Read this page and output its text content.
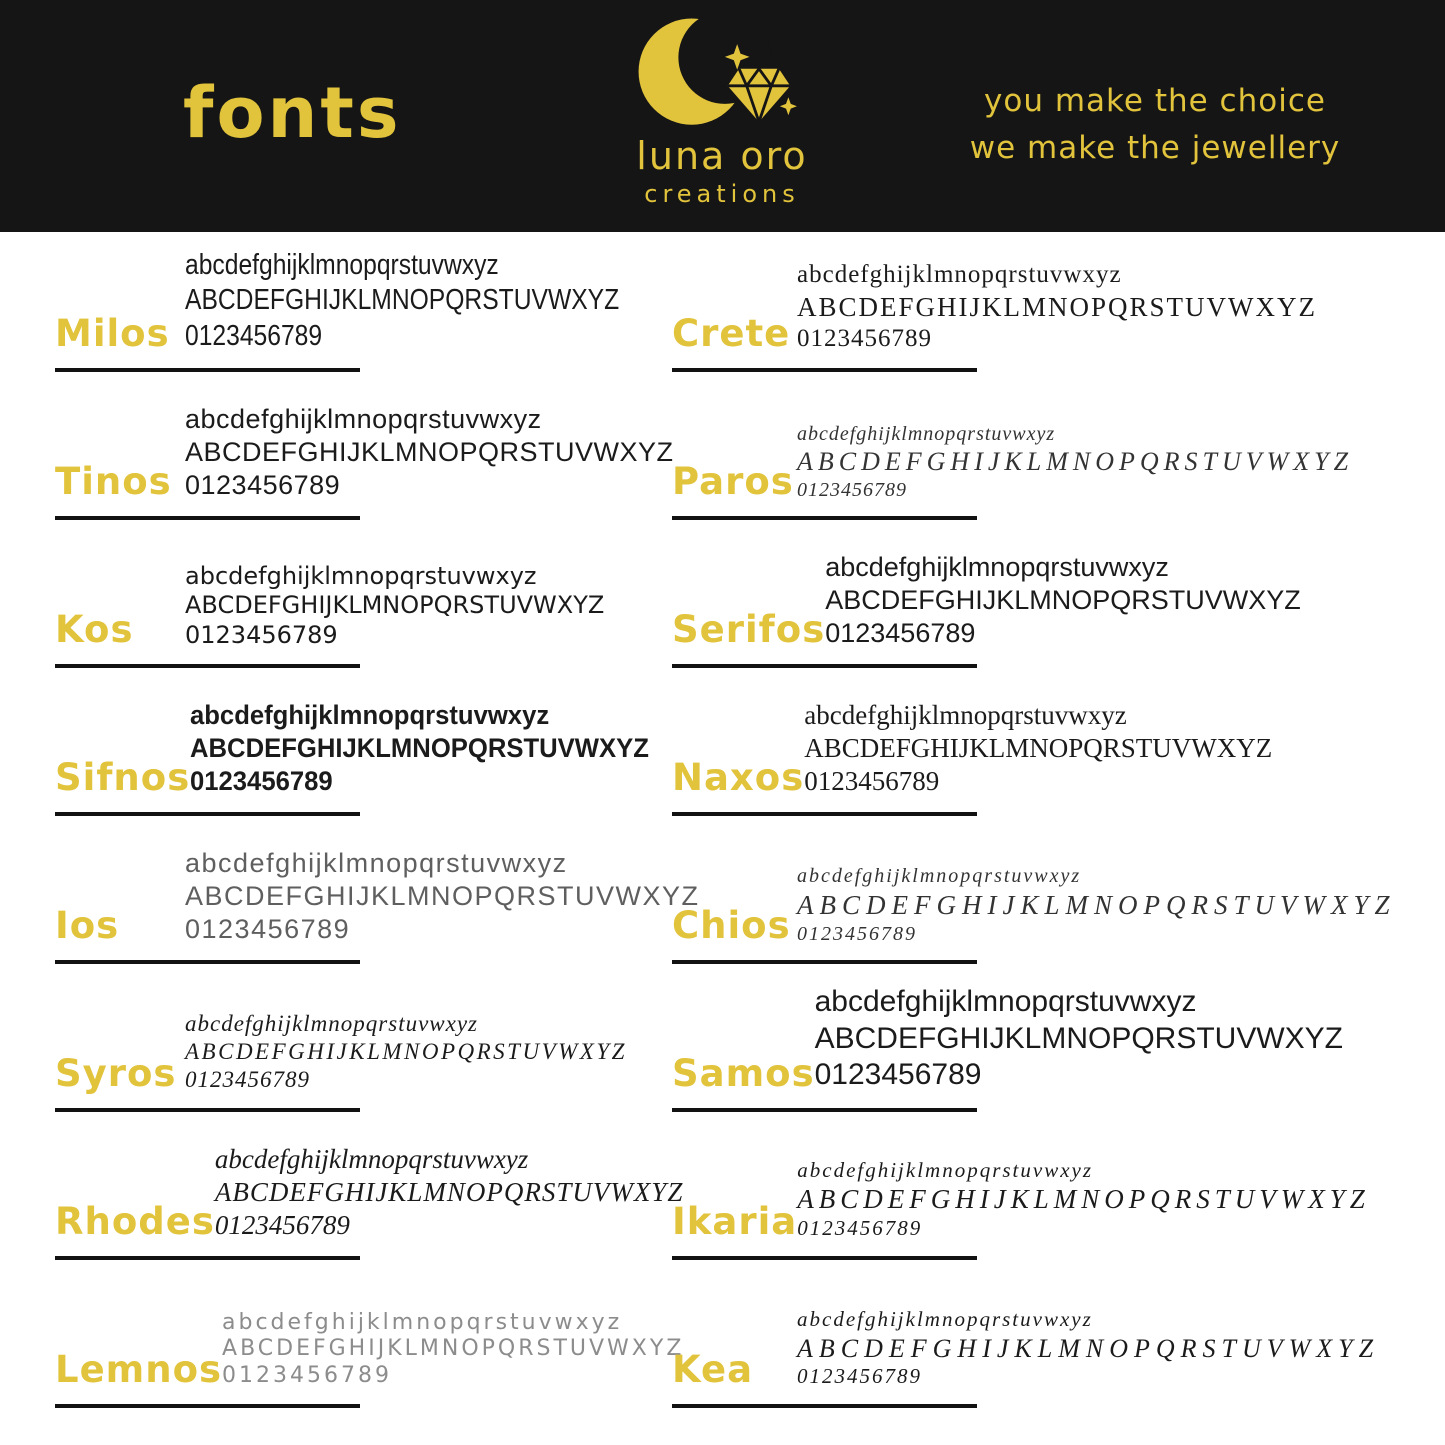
fonts
luna oro
creations
you make the choice
we make the jewellery
Milos
abcdefghijklmnopqrstuvwxyz
ABCDEFGHIJKLMNOPQRSTUVWXYZ
0123456789
Tinos
abcdefghijklmnopqrstuvwxyz
ABCDEFGHIJKLMNOPQRSTUVWXYZ
0123456789
Kos
abcdefghijklmnopqrstuvwxyz
ABCDEFGHIJKLMNOPQRSTUVWXYZ
0123456789
Sifnos
abcdefghijklmnopqrstuvwxyz
ABCDEFGHIJKLMNOPQRSTUVWXYZ
0123456789
Ios
abcdefghijklmnopqrstuvwxyz
ABCDEFGHIJKLMNOPQRSTUVWXYZ
0123456789
Syros
abcdefghijklmnopqrstuvwxyz
ABCDEFGHIJKLMNOPQRSTUVWXYZ
0123456789
Rhodes
abcdefghijklmnopqrstuvwxyz
ABCDEFGHIJKLMNOPQRSTUVWXYZ
0123456789
Lemnos
abcdefghijklmnopqrstuvwxyz
ABCDEFGHIJKLMNOPQRSTUVWXYZ
0123456789
Crete
abcdefghijklmnopqrstuvwxyz
ABCDEFGHIJKLMNOPQRSTUVWXYZ
0123456789
Paros
abcdefghijklmnopqrstuvwxyz
ABCDEFGHIJKLMNOPQRSTUVWXYZ
0123456789
Serifos
abcdefghijklmnopqrstuvwxyz
ABCDEFGHIJKLMNOPQRSTUVWXYZ
0123456789
Naxos
abcdefghijklmnopqrstuvwxyz
ABCDEFGHIJKLMNOPQRSTUVWXYZ
0123456789
Chios
abcdefghijklmnopqrstuvwxyz
ABCDEFGHIJKLMNOPQRSTUVWXYZ
0123456789
Samos
abcdefghijklmnopqrstuvwxyz
ABCDEFGHIJKLMNOPQRSTUVWXYZ
0123456789
Ikaria
abcdefghijklmnopqrstuvwxyz
ABCDEFGHIJKLMNOPQRSTUVWXYZ
0123456789
Kea
abcdefghijklmnopqrstuvwxyz
ABCDEFGHIJKLMNOPQRSTUVWXYZ
0123456789
